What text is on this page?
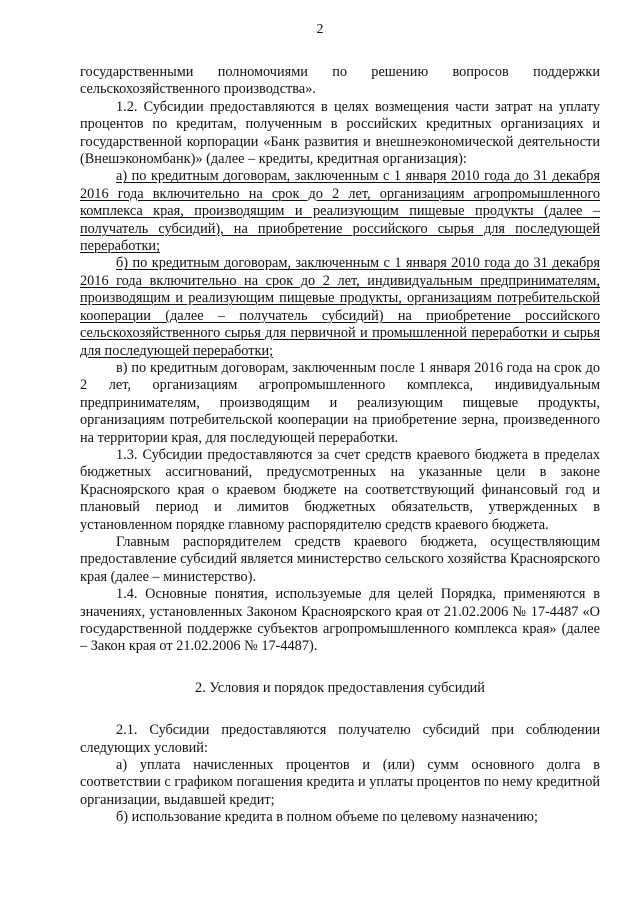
2

государственными полномочиями по решению вопросов поддержки сельскохозяйственного производства».

1.2. Субсидии предоставляются в целях возмещения части затрат на уплату процентов по кредитам, полученным в российских кредитных организациях и государственной корпорации «Банк развития и внешнеэкономической деятельности (Внешэкономбанк)» (далее – кредиты, кредитная организация):

а) по кредитным договорам, заключенным с 1 января 2010 года до 31 декабря 2016 года включительно на срок до 2 лет, организациям агропромышленного комплекса края, производящим и реализующим пищевые продукты (далее – получатель субсидий), на приобретение российского сырья для последующей переработки;

б) по кредитным договорам, заключенным с 1 января 2010 года до 31 декабря 2016 года включительно на срок до 2 лет, индивидуальным предпринимателям, производящим и реализующим пищевые продукты, организациям потребительской кооперации (далее – получатель субсидий) на приобретение российского сельскохозяйственного сырья для первичной и промышленной переработки и сырья для последующей переработки;

в) по кредитным договорам, заключенным после 1 января 2016 года на срок до 2 лет, организациям агропромышленного комплекса, индивидуальным предпринимателям, производящим и реализующим пищевые продукты, организациям потребительской кооперации на приобретение зерна, произведенного на территории края, для последующей переработки.

1.3. Субсидии предоставляются за счет средств краевого бюджета в пределах бюджетных ассигнований, предусмотренных на указанные цели в законе Красноярского края о краевом бюджете на соответствующий финансовый год и плановый период и лимитов бюджетных обязательств, утвержденных в установленном порядке главному распорядителю средств краевого бюджета.

Главным распорядителем средств краевого бюджета, осуществляющим предоставление субсидий является министерство сельского хозяйства Красноярского края (далее – министерство).

1.4. Основные понятия, используемые для целей Порядка, применяются в значениях, установленных Законом Красноярского края от 21.02.2006 № 17-4487 «О государственной поддержке субъектов агропромышленного комплекса края» (далее – Закон края от 21.02.2006 № 17-4487).

2. Условия и порядок предоставления субсидий

2.1. Субсидии предоставляются получателю субсидий при соблюдении следующих условий:

а) уплата начисленных процентов и (или) сумм основного долга в соответствии с графиком погашения кредита и уплаты процентов по нему кредитной организации, выдавшей кредит;

б) использование кредита в полном объеме по целевому назначению;
